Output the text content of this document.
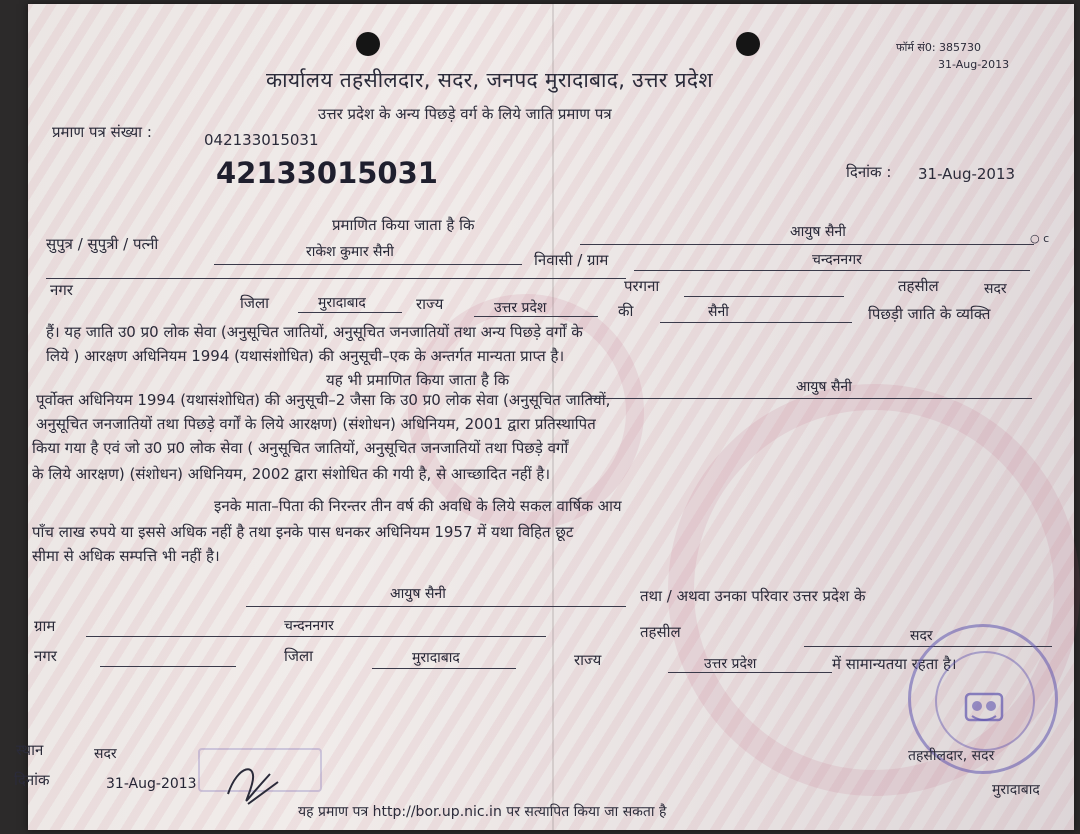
फॉर्म सं0: 385730
31-Aug-2013
कार्यालय तहसीलदार, सदर, जनपद मुरादाबाद, उत्तर प्रदेश
उत्तर प्रदेश के अन्य पिछड़े वर्ग के लिये जाति प्रमाण पत्र
प्रमाण पत्र संख्या :	042133015031
42133015031	दिनांक : 31-Aug-2013
प्रमाणित किया जाता है कि	आयुष सैनी	○ c
सुपुत्र / सुपुत्री / पत्नी	राकेश कुमार सैनी	निवासी / ग्राम	चन्दननगर
नगर
जिला	मुरादाबाद	राज्य	उत्तर प्रदेश
परगना	तहसील	सदर
की	सैनी	पिछड़ी जाति के व्यक्ति
हैं। यह जाति उ0 प्र0 लोक सेवा (अनुसूचित जातियों, अनुसूचित जनजातियों तथा अन्य पिछड़े वर्गों के
लिये ) आरक्षण अधिनियम 1994 (यथासंशोधित) की अनुसूची–एक के अन्तर्गत मान्यता प्राप्त है।
यह भी प्रमाणित किया जाता है कि	आयुष सैनी
पूर्वोक्त अधिनियम 1994 (यथासंशोधित) की अनुसूची–2 जैसा कि उ0 प्र0 लोक सेवा (अनुसूचित जातियों,
अनुसूचित जनजातियों तथा पिछड़े वर्गों के लिये आरक्षण) (संशोधन) अधिनियम, 2001 द्वारा प्रतिस्थापित
किया गया है एवं जो उ0 प्र0 लोक सेवा ( अनुसूचित जातियों, अनुसूचित जनजातियों तथा पिछड़े वर्गों
के लिये आरक्षण) (संशोधन) अधिनियम, 2002 द्वारा संशोधित की गयी है, से आच्छादित नहीं है।
इनके माता–पिता की निरन्तर तीन वर्ष की अवधि के लिये सकल वार्षिक आय
पाँच लाख रुपये या इससे अधिक नहीं है तथा इनके पास धनकर अधिनियम 1957 में यथा विहित छूट
सीमा से अधिक सम्पत्ति भी नहीं है।
आयुष सैनी	तथा / अथवा उनका परिवार उत्तर प्रदेश के
ग्राम	चन्दननगर	तहसील	सदर
नगर	जिला	मुरादाबाद	राज्य	उत्तर प्रदेश	में सामान्यतया रहता है।
स्थान	सदर
दिनांक	31-Aug-2013
तहसीलदार, सदर
मुरादाबाद
यह प्रमाण पत्र http://bor.up.nic.in पर सत्यापित किया जा सकता है
